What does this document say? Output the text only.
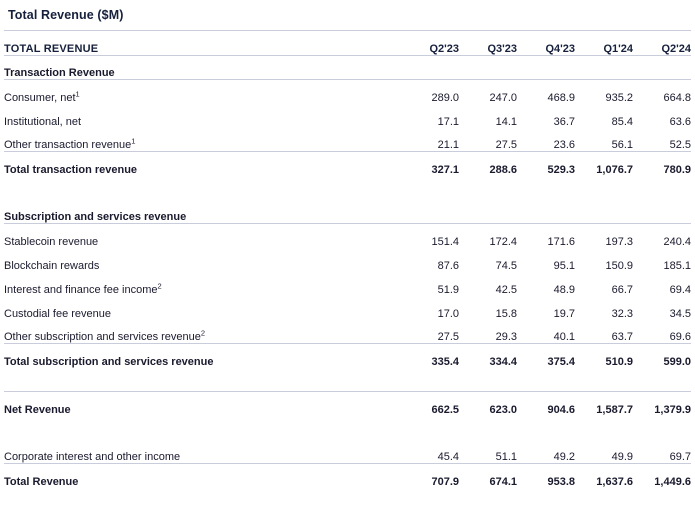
Total Revenue ($M)
TOTAL REVENUE	Q2'23	Q3'23	Q4'23	Q1'24	Q2'24
Transaction Revenue					
Consumer, net$^1$	289.0	247.0	468.9	935.2	664.8
Institutional, net	17.1	14.1	36.7	85.4	63.6
Other transaction revenue$^1$	21.1	27.5	23.6	56.1	52.5
Total transaction revenue	327.1	288.6	529.3	1,076.7	780.9

Subscription and services revenue					
Stablecoin revenue	151.4	172.4	171.6	197.3	240.4
Blockchain rewards	87.6	74.5	95.1	150.9	185.1
Interest and finance fee income$^2$	51.9	42.5	48.9	66.7	69.4
Custodial fee revenue	17.0	15.8	19.7	32.3	34.5
Other subscription and services revenue$^2$	27.5	29.3	40.1	63.7	69.6
Total subscription and services revenue	335.4	334.4	375.4	510.9	599.0

Net Revenue	662.5	623.0	904.6	1,587.7	1,379.9

Corporate interest and other income	45.4	51.1	49.2	49.9	69.7
Total Revenue	707.9	674.1	953.8	1,637.6	1,449.6
